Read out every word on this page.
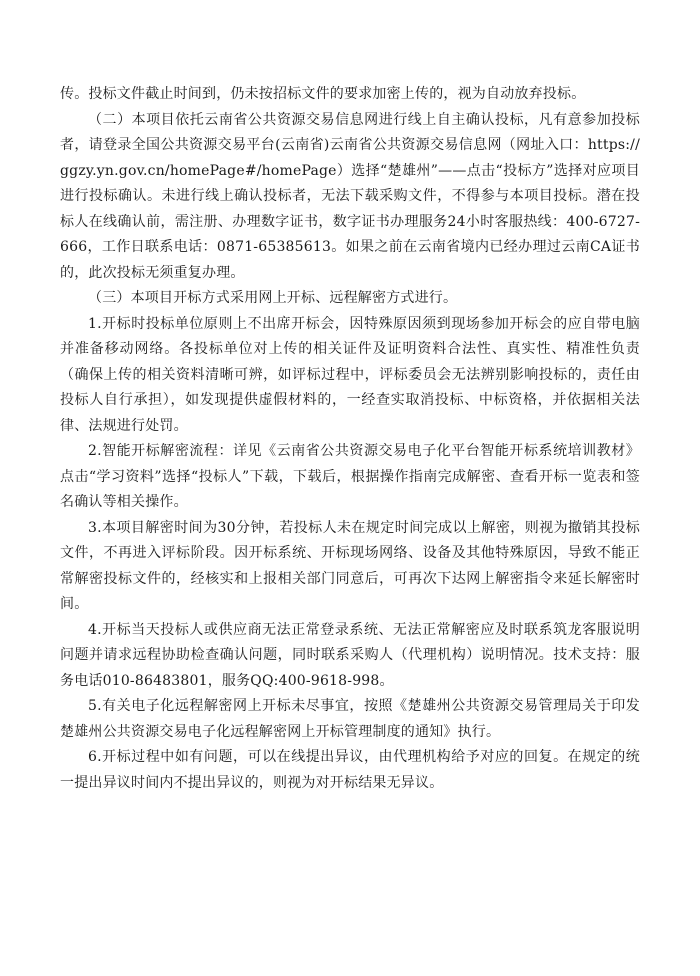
传。投标文件截止时间到，仍未按招标文件的要求加密上传的，视为自动放弃投标。

（二）本项目依托云南省公共资源交易信息网进行线上自主确认投标，凡有意参加投标者，请登录全国公共资源交易平台(云南省)云南省公共资源交易信息网（网址入口：https://ggzy.yn.gov.cn/homePage#/homePage）选择“楚雄州”——点击“投标方”选择对应项目进行投标确认。未进行线上确认投标者，无法下载采购文件，不得参与本项目投标。潜在投标人在线确认前，需注册、办理数字证书，数字证书办理服务24小时客服热线：400-6727-666，工作日联系电话：0871-65385613。如果之前在云南省境内已经办理过云南CA证书的，此次投标无须重复办理。

（三）本项目开标方式采用网上开标、远程解密方式进行。

1.开标时投标单位原则上不出席开标会，因特殊原因须到现场参加开标会的应自带电脑并准备移动网络。各投标单位对上传的相关证件及证明资料合法性、真实性、精准性负责（确保上传的相关资料清晰可辨，如评标过程中，评标委员会无法辨别影响投标的，责任由投标人自行承担），如发现提供虚假材料的，一经查实取消投标、中标资格，并依据相关法律、法规进行处罚。

2.智能开标解密流程：详见《云南省公共资源交易电子化平台智能开标系统培训教材》点击“学习资料”选择“投标人”下载，下载后，根据操作指南完成解密、查看开标一览表和签名确认等相关操作。

3.本项目解密时间为30分钟，若投标人未在规定时间完成以上解密，则视为撤销其投标文件，不再进入评标阶段。因开标系统、开标现场网络、设备及其他特殊原因，导致不能正常解密投标文件的，经核实和上报相关部门同意后，可再次下达网上解密指令来延长解密时间。

4.开标当天投标人或供应商无法正常登录系统、无法正常解密应及时联系筑龙客服说明问题并请求远程协助检查确认问题，同时联系采购人（代理机构）说明情况。技术支持：服务电话010-86483801，服务QQ:400-9618-998。

5.有关电子化远程解密网上开标未尽事宜，按照《楚雄州公共资源交易管理局关于印发楚雄州公共资源交易电子化远程解密网上开标管理制度的通知》执行。

6.开标过程中如有问题，可以在线提出异议，由代理机构给予对应的回复。在规定的统一提出异议时间内不提出异议的，则视为对开标结果无异议。
